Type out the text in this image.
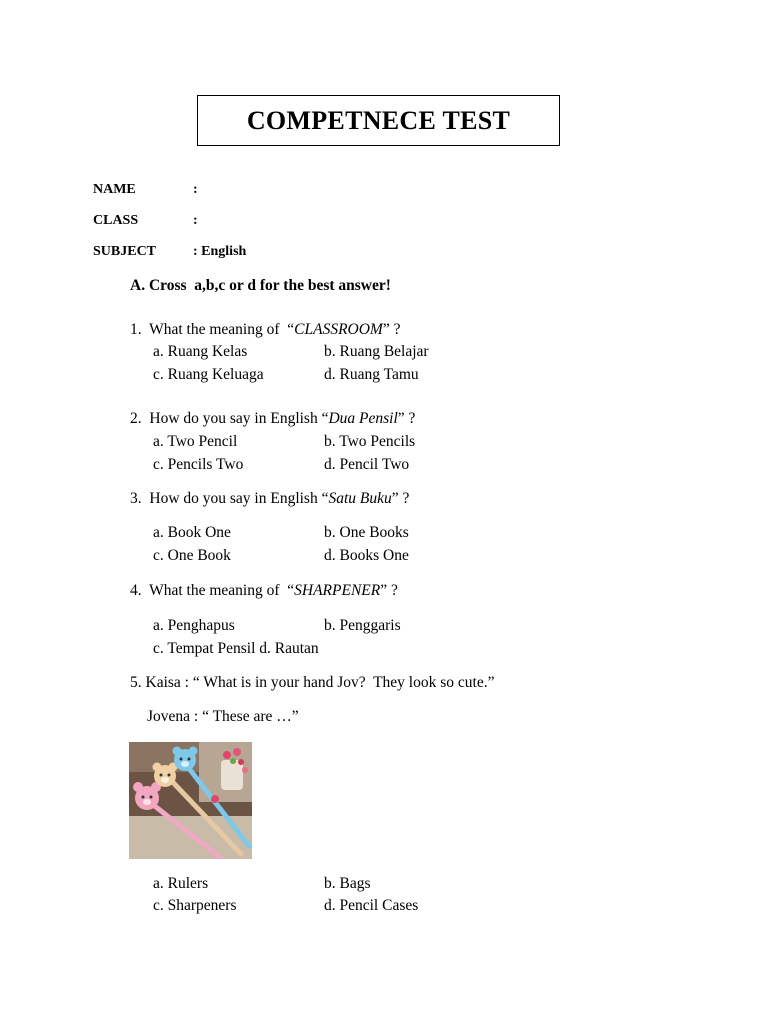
COMPETNECE TEST
NAME	:
CLASS	:
SUBJECT	: English
A. Cross  a,b,c or d for the best answer!
1.  What the meaning of  “CLASSROOM” ?
a. Ruang Kelas	b. Ruang Belajar
c. Ruang Keluaga	d. Ruang Tamu
2.  How do you say in English “Dua Pensil” ?
a. Two Pencil	b. Two Pencils
c. Pencils Two	d. Pencil Two
3.  How do you say in English “Satu Buku” ?
a. Book One	b. One Books
c. One Book	d. Books One
4.  What the meaning of  “SHARPENER” ?
a. Penghapus	b. Penggaris
c. Tempat Pensil d. Rautan
5. Kaisa : “ What is in your hand Jov?  They look so cute.”
Jovena : “ These are …”
a. Rulers	b. Bags
c. Sharpeners	d. Pencil Cases
